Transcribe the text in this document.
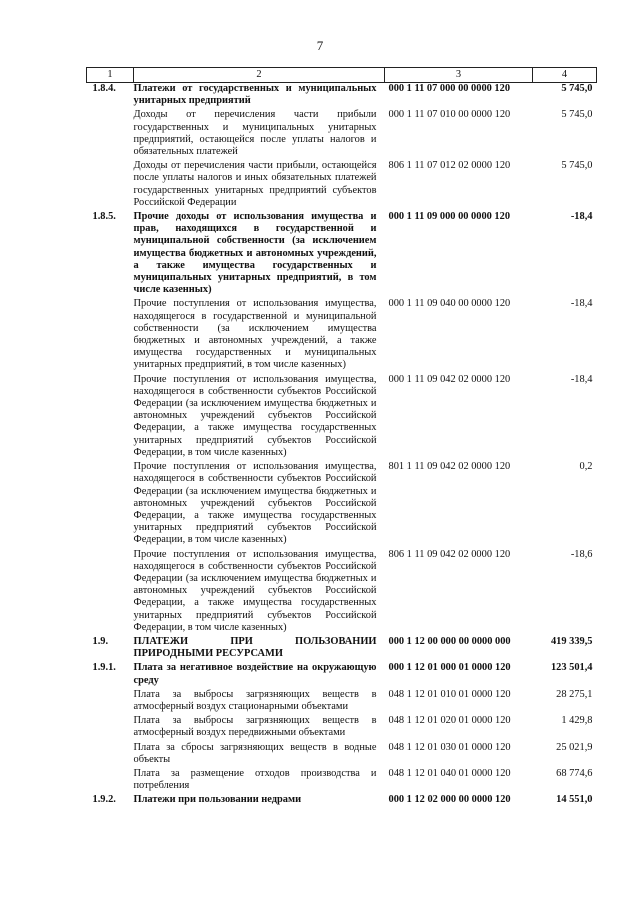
7
1	2	3	4
1.8.4.	Платежи от государственных и муниципальных унитарных предприятий	000 1 11 07 000 00 0000 120	5 745,0
	Доходы от перечисления части прибыли государственных и муниципальных унитарных предприятий, остающейся после уплаты налогов и обязательных платежей	000 1 11 07 010 00 0000 120	5 745,0
	Доходы от перечисления части прибыли, остающейся после уплаты налогов и иных обязательных платежей государственных унитарных предприятий субъектов Российской Федерации	806 1 11 07 012 02 0000 120	5 745,0
1.8.5.	Прочие доходы от использования имущества и прав, находящихся в государственной и муниципальной собственности (за исключением имущества бюджетных и автономных учреждений, а также имущества государственных и муниципальных унитарных предприятий, в том числе казенных)	000 1 11 09 000 00 0000 120	-18,4
	Прочие поступления от использования имущества, находящегося в государственной и муниципальной собственности (за исключением имущества бюджетных и автономных учреждений, а также имущества государственных и муниципальных унитарных предприятий, в том числе казенных)	000 1 11 09 040 00 0000 120	-18,4
	Прочие поступления от использования имущества, находящегося в собственности субъектов Российской Федерации (за исключением имущества бюджетных и автономных учреждений субъектов Российской Федерации, а также имущества государственных унитарных предприятий субъектов Российской Федерации, в том числе казенных)	000 1 11 09 042 02 0000 120	-18,4
	Прочие поступления от использования имущества, находящегося в собственности субъектов Российской Федерации (за исключением имущества бюджетных и автономных учреждений субъектов Российской Федерации, а также имущества государственных унитарных предприятий субъектов Российской Федерации, в том числе казенных)	801 1 11 09 042 02 0000 120	0,2
	Прочие поступления от использования имущества, находящегося в собственности субъектов Российской Федерации (за исключением имущества бюджетных и автономных учреждений субъектов Российской Федерации, а также имущества государственных унитарных предприятий субъектов Российской Федерации, в том числе казенных)	806 1 11 09 042 02 0000 120	-18,6
1.9.	ПЛАТЕЖИ ПРИ ПОЛЬЗОВАНИИ ПРИРОДНЫМИ РЕСУРСАМИ	000 1 12 00 000 00 0000 000	419 339,5
1.9.1.	Плата за негативное воздействие на окружающую среду	000 1 12 01 000 01 0000 120	123 501,4
	Плата за выбросы загрязняющих веществ в атмосферный воздух стационарными объектами	048 1 12 01 010 01 0000 120	28 275,1
	Плата за выбросы загрязняющих веществ в атмосферный воздух передвижными объектами	048 1 12 01 020 01 0000 120	1 429,8
	Плата за сбросы загрязняющих веществ в водные объекты	048 1 12 01 030 01 0000 120	25 021,9
	Плата за размещение отходов производства и потребления	048 1 12 01 040 01 0000 120	68 774,6
1.9.2.	Платежи при пользовании недрами	000 1 12 02 000 00 0000 120	14 551,0
